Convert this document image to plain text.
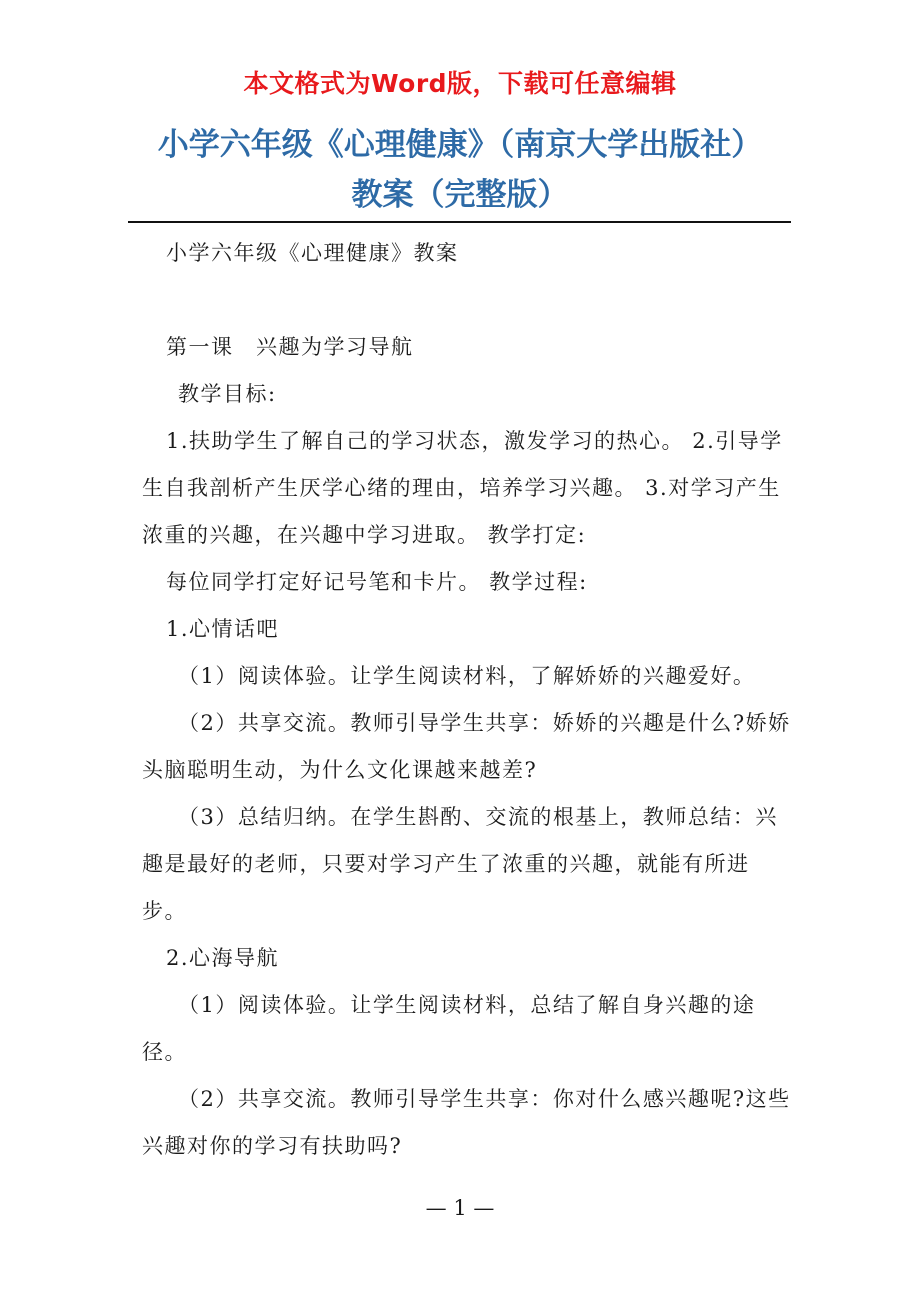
本文格式为Word版，下载可任意编辑
小学六年级《心理健康》（南京大学出版社）
教案（完整版）

小学六年级《心理健康》教案

第一课　兴趣为学习导航

教学目标:

1.扶助学生了解自己的学习状态，激发学习的热心。 2.引导学生自我剖析产生厌学心绪的理由，培养学习兴趣。 3.对学习产生浓重的兴趣，在兴趣中学习进取。 教学打定:

每位同学打定好记号笔和卡片。 教学过程:

1.心情话吧

（1）阅读体验。让学生阅读材料，了解娇娇的兴趣爱好。

（2）共享交流。教师引导学生共享：娇娇的兴趣是什么?娇娇头脑聪明生动，为什么文化课越来越差?

（3）总结归纳。在学生斟酌、交流的根基上，教师总结：兴趣是最好的老师，只要对学习产生了浓重的兴趣，就能有所进步。

2.心海导航

（1）阅读体验。让学生阅读材料，总结了解自身兴趣的途径。

（2）共享交流。教师引导学生共享：你对什么感兴趣呢?这些兴趣对你的学习有扶助吗?

— 1 —
